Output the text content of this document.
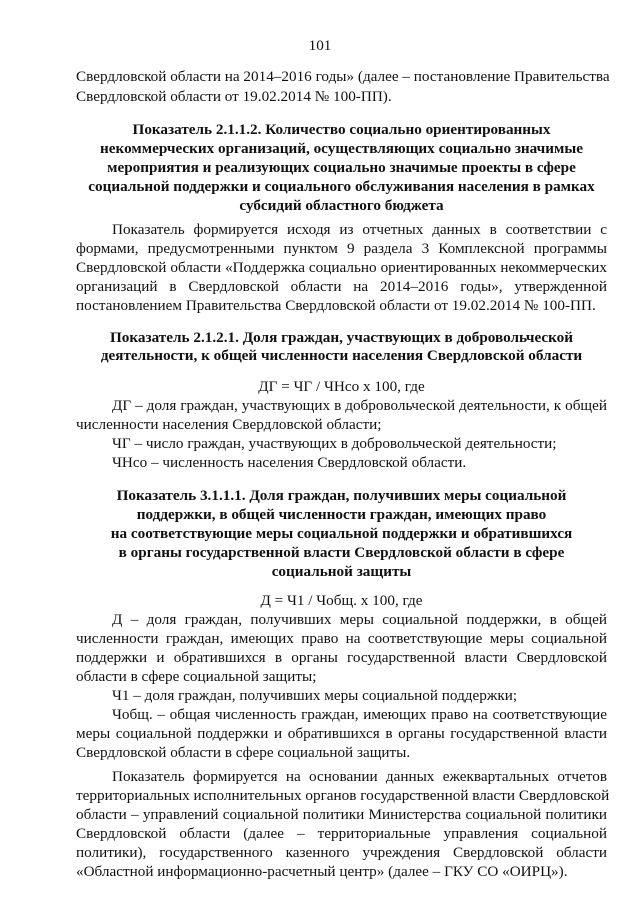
101
Свердловской области на 2014–2016 годы» (далее – постановление Правительства
Свердловской области от 19.02.2014 № 100-ПП).
Показатель 2.1.1.2. Количество социально ориентированных
некоммерческих организаций, осуществляющих социально значимые
мероприятия и реализующих социально значимые проекты в сфере
социальной поддержки и социального обслуживания населения в рамках
субсидий областного бюджета
Показатель формируется исходя из отчетных данных в соответствии с
формами, предусмотренными пунктом 9 раздела 3 Комплексной программы
Свердловской области «Поддержка социально ориентированных некоммерческих
организаций в Свердловской области на 2014–2016 годы», утвержденной
постановлением Правительства Свердловской области от 19.02.2014 № 100-ПП.
Показатель 2.1.2.1. Доля граждан, участвующих в добровольческой
деятельности, к общей численности населения Свердловской области
ДГ = ЧГ / ЧНсо х 100, где
ДГ – доля граждан, участвующих в добровольческой деятельности, к общей
численности населения Свердловской области;
ЧГ – число граждан, участвующих в добровольческой деятельности;
ЧНсо – численность населения Свердловской области.
Показатель 3.1.1.1. Доля граждан, получивших меры социальной
поддержки, в общей численности граждан, имеющих право
на соответствующие меры социальной поддержки и обратившихся
в органы государственной власти Свердловской области в сфере
социальной защиты
Д = Ч1 / Чобщ. х 100, где
Д – доля граждан, получивших меры социальной поддержки, в общей
численности граждан, имеющих право на соответствующие меры социальной
поддержки и обратившихся в органы государственной власти Свердловской
области в сфере социальной защиты;
Ч1 – доля граждан, получивших меры социальной поддержки;
Чобщ. – общая численность граждан, имеющих право на соответствующие
меры социальной поддержки и обратившихся в органы государственной власти
Свердловской области в сфере социальной защиты.
Показатель формируется на основании данных ежеквартальных отчетов
территориальных исполнительных органов государственной власти Свердловской
области – управлений социальной политики Министерства социальной политики
Свердловской области (далее – территориальные управления социальной
политики), государственного казенного учреждения Свердловской области
«Областной информационно-расчетный центр» (далее – ГКУ СО «ОИРЦ»).
